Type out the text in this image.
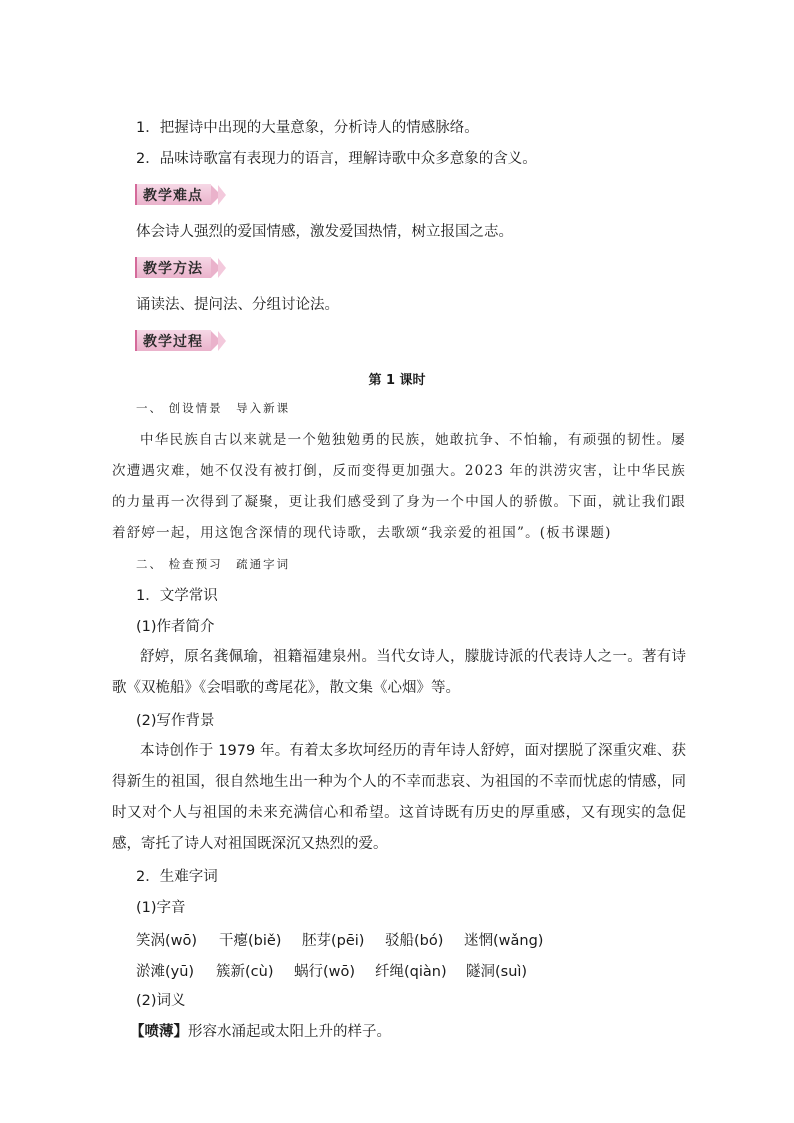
1．把握诗中出现的大量意象，分析诗人的情感脉络。
2．品味诗歌富有表现力的语言，理解诗歌中众多意象的含义。
教学难点
体会诗人强烈的爱国情感，激发爱国热情，树立报国之志。
教学方法
诵读法、提问法、分组讨论法。
教学过程
第 1 课时
一、 创设情景　导入新课

中华民族自古以来就是一个勉独勉勇的民族，她敢抗争、不怕输，有顽强的韧性。屡次遭遇灾难，她不仅没有被打倒，反而变得更加强大。2023 年的洪涝灾害，让中华民族的力量再一次得到了凝聚，更让我们感受到了身为一个中国人的骄傲。下面，就让我们跟着舒婷一起，用这饱含深情的现代诗歌，去歌颂“我亲爱的祖国”。(板书课题)

二、 检查预习　疏通字词
1．文学常识
(1)作者简介

舒婷，原名龚佩瑜，祖籍福建泉州。当代女诗人，朦胧诗派的代表诗人之一。著有诗歌《双桅船》《会唱歌的鸢尾花》，散文集《心烟》等。

(2)写作背景

本诗创作于 1979 年。有着太多坎坷经历的青年诗人舒婷，面对摆脱了深重灾难、获得新生的祖国，很自然地生出一种为个人的不幸而悲哀、为祖国的不幸而忧虑的情感，同时又对个人与祖国的未来充满信心和希望。这首诗既有历史的厚重感，又有现实的急促感，寄托了诗人对祖国既深沉又热烈的爱。

2．生难字词
(1)字音
笑涡(wō)	干瘪(biě)	胚芽(pēi)	驳船(bó)	迷惘(wǎng)
淤滩(yū)	簇新(cù)	蜗行(wō)	纤绳(qiàn)	隧洞(suì)
(2)词义
【喷薄】形容水涌起或太阳上升的样子。
